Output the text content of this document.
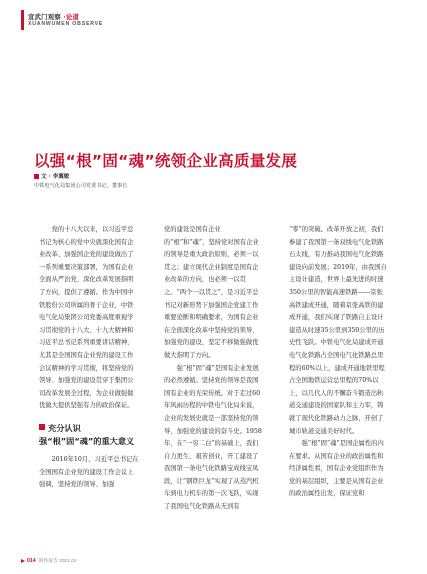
宣武门观察 ·论道
XUANWUMEN OBSERVE
以强“根”固“魂”统领企业高质量发展
文 · 李翼敏
中铁电气化局集团公司党委书记、董事长

党的十八大以来，以习近平总书记为核心的党中央就深化国有企业改革、加强国企党的建设做出了一系列重要决策部署，为国有企业全面从严治党、深化改革发展指明了方向，提供了遵循。作为中国中铁股份公司所属的骨干企业，中铁电气化局集团公司党委高度重视学习贯彻党的十八大、十九大精神和习近平总书记系列重要讲话精神，尤其是全国国有企业党的建设工作会议精神的学习贯彻，将坚持党的领导、加强党的建设贯穿于集团公司改革发展全过程，为企业做强做优做大提供坚强有力的政治保证。

充分认识强“根”固“魂”的重大意义

2016年10月，习近平总书记在全国国有企业党的建设工作会议上强调，坚持党的领导、加强

党的建设是国有企业的“根”和“魂”，坚持党对国有企业的领导是重大政治原则，必须一以贯之；建立现代企业制度是国有企业改革的方向，也必须一以贯之。“两个一以贯之”，是习近平总书记对新形势下加强国企党建工作重要论断和明确要求，为国有企业在全面深化改革中坚持党的领导、加强党的建设、坚定不移做强做优做大指明了方向。

强“根”固“魂”是国有企业发展的必然遵循。坚持党的领导是我国国有企业的光荣传统。对于走过60年风雨历程的中铁电气化局来说，企业的发展史就是一部坚持党的领导、加强党的建设的奋斗史。1958年，在“一穷二白”的基础上，我们自力更生、艰苦创业，开工建设了我国第一条电气化铁路宝成线宝凤段，让“钢铁巨龙”实现了从蒸汽机车到电力机车的第一次飞跃，实现了我国电气化铁路从无到有

“零”的突破。改革开放之初，我们参建了我国第一条双线电气化铁路石太线，有力推动我国电气化铁路建设向前发展；2019年，由我国自主设计建造，世界上最先进的时速350公里的智能高速铁路——京张高铁建成开通，随着京张高铁的建成开通，我们实现了铁路自主设计建造从时速35公里到350公里的历史性飞跃。中铁电气化局建成开通电气化铁路占全国电气化铁路总里程的60%以上，建成开通地铁里程占全国地铁运营总里程的70%以上，以几代人的不懈奋斗锻造出轨道交通建设的国家队和主力军，铸就了现代化铁路动力之脉，开创了城市轨道交通美好时代。

强“根”固“魂”是国企属性的内在要求。从国有企业的政治属性和经济属性看，国有企业党组织作为党的基层组织，主要是从国有企业的政治属性出发，保证党和

014 钢铁报告 2021.02
